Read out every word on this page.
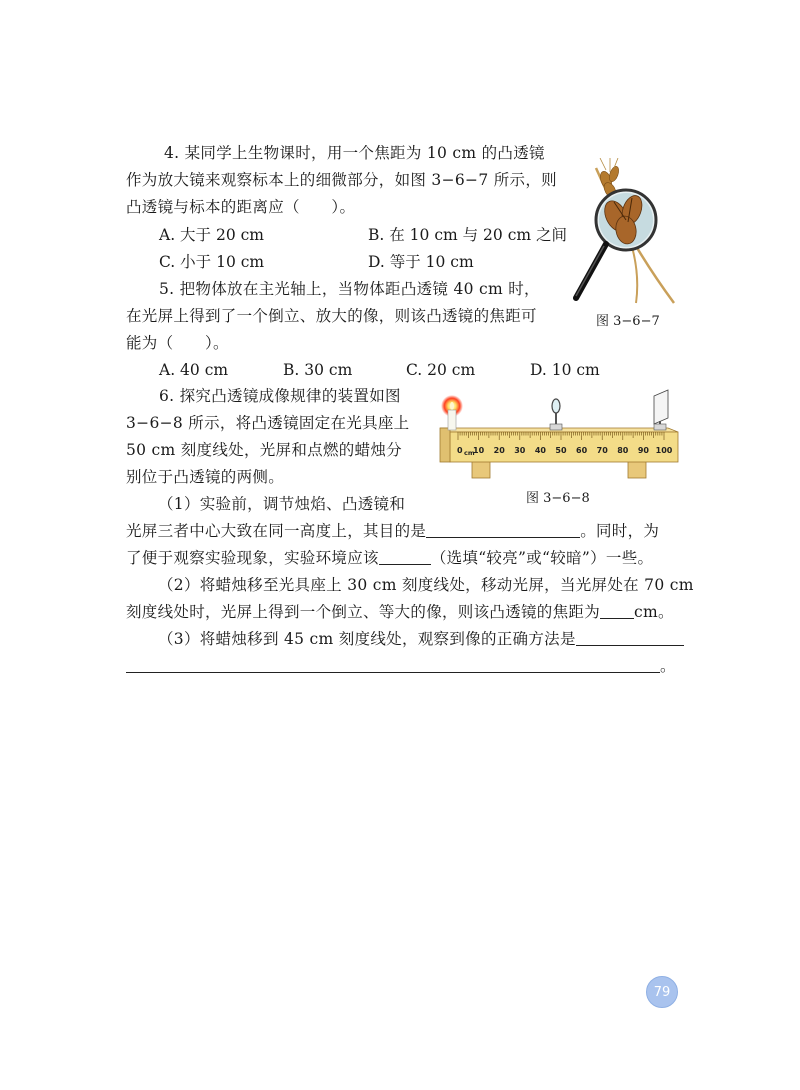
4. 某同学上生物课时，用一个焦距为 10 cm 的凸透镜
作为放大镜来观察标本上的细微部分，如图 3−6−7 所示，则
凸透镜与标本的距离应（　　）。
A. 大于 20 cm	B. 在 10 cm 与 20 cm 之间
C. 小于 10 cm	D. 等于 10 cm
图 3−6−7
5. 把物体放在主光轴上，当物体距凸透镜 40 cm 时，
在光屏上得到了一个倒立、放大的像，则该凸透镜的焦距可
能为（　　）。
A. 40 cm	B. 30 cm	C. 20 cm	D. 10 cm
6. 探究凸透镜成像规律的装置如图
3−6−8 所示，将凸透镜固定在光具座上
50 cm 刻度线处，光屏和点燃的蜡烛分
别位于凸透镜的两侧。
0 10 20 30 40 50 60 70 80 90 100
cm
图 3−6−8
（1）实验前，调节烛焰、凸透镜和
光屏三者中心大致在同一高度上，其目的是	。同时，为
了便于观察实验现象，实验环境应该	（选填“较亮”或“较暗”）一些。
（2）将蜡烛移至光具座上 30 cm 刻度线处，移动光屏，当光屏处在 70 cm
刻度线处时，光屏上得到一个倒立、等大的像，则该凸透镜的焦距为 cm。
（3）将蜡烛移到 45 cm 刻度线处，观察到像的正确方法是
。
79
